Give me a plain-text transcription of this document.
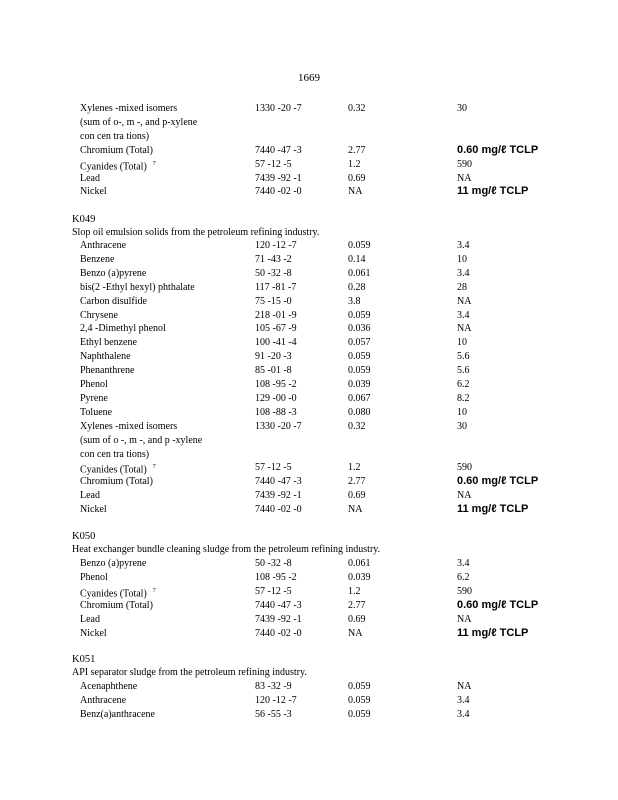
1669
Xylenes -mixed isomers	1330 -20 -7	0.32	30
(sum of o-, m -, and p-xylene
con cen tra tions)
Chromium (Total)	7440 -47 -3	2.77	0.60 mg/ℓ TCLP
Cyanides (Total) $^7$	57 -12 -5	1.2	590
Lead	7439 -92 -1	0.69	NA
Nickel	7440 -02 -0	NA	11 mg/ℓ TCLP
K049
Slop oil emulsion solids from the petroleum refining industry.
Anthracene	120 -12 -7	0.059	3.4
Benzene	71 -43 -2	0.14	10
Benzo (a)pyrene	50 -32 -8	0.061	3.4
bis(2 -Ethyl hexyl) phthalate	117 -81 -7	0.28	28
Carbon disulfide	75 -15 -0	3.8	NA
Chrysene	218 -01 -9	0.059	3.4
2,4 -Dimethyl phenol	105 -67 -9	0.036	NA
Ethyl benzene	100 -41 -4	0.057	10
Naphthalene	91 -20 -3	0.059	5.6
Phenanthrene	85 -01 -8	0.059	5.6
Phenol	108 -95 -2	0.039	6.2
Pyrene	129 -00 -0	0.067	8.2
Toluene	108 -88 -3	0.080	10
Xylenes -mixed isomers	1330 -20 -7	0.32	30
(sum of o -, m -, and p -xylene
con cen tra tions)
Cyanides (Total) $^7$	57 -12 -5	1.2	590
Chromium (Total)	7440 -47 -3	2.77	0.60 mg/ℓ TCLP
Lead	7439 -92 -1	0.69	NA
Nickel	7440 -02 -0	NA	11 mg/ℓ TCLP
K050
Heat exchanger bundle cleaning sludge from the petroleum refining industry.
Benzo (a)pyrene	50 -32 -8	0.061	3.4
Phenol	108 -95 -2	0.039	6.2
Cyanides (Total) $^7$	57 -12 -5	1.2	590
Chromium (Total)	7440 -47 -3	2.77	0.60 mg/ℓ TCLP
Lead	7439 -92 -1	0.69	NA
Nickel	7440 -02 -0	NA	11 mg/ℓ TCLP
K051
API separator sludge from the petroleum refining industry.
Acenaphthene	83 -32 -9	0.059	NA
Anthracene	120 -12 -7	0.059	3.4
Benz(a)anthracene	56 -55 -3	0.059	3.4
